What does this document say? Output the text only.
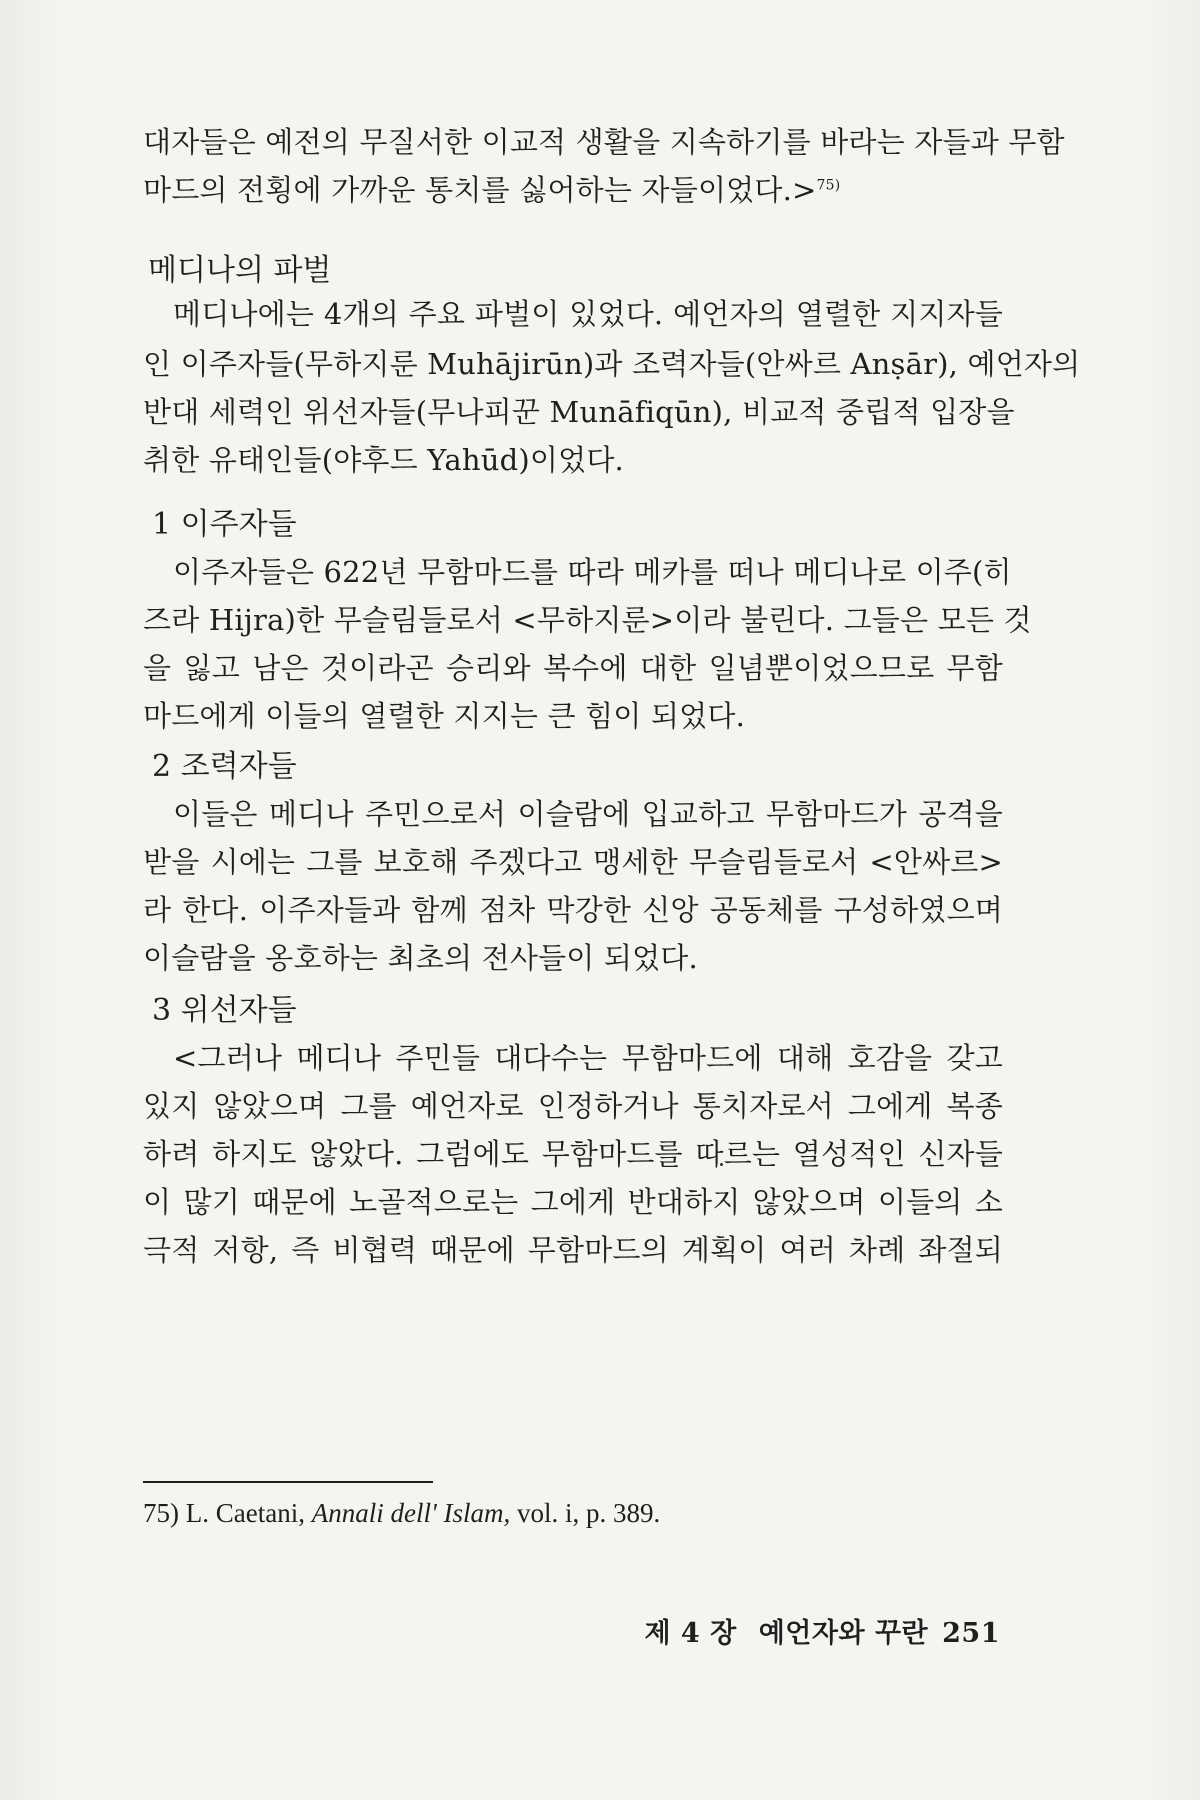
대자들은 예전의 무질서한 이교적 생활을 지속하기를 바라는 자들과 무함
마드의 전횡에 가까운 통치를 싫어하는 자들이었다.>$^{75)}$
메디나의 파벌
메디나에는 4개의 주요 파벌이 있었다. 예언자의 열렬한 지지자들
인 이주자들(무하지룬 Muhājirūn)과 조력자들(안싸르 Anṣār), 예언자의
반대 세력인 위선자들(무나피꾼 Munāfiqūn), 비교적 중립적 입장을
취한 유태인들(야후드 Yahūd)이었다.
1 이주자들
이주자들은 622년 무함마드를 따라 메카를 떠나 메디나로 이주(히
즈라 Hijra)한 무슬림들로서 <무하지룬>이라 불린다. 그들은 모든 것
을 잃고 남은 것이라곤 승리와 복수에 대한 일념뿐이었으므로 무함
마드에게 이들의 열렬한 지지는 큰 힘이 되었다.
2 조력자들
이들은 메디나 주민으로서 이슬람에 입교하고 무함마드가 공격을
받을 시에는 그를 보호해 주겠다고 맹세한 무슬림들로서 <안싸르>
라 한다. 이주자들과 함께 점차 막강한 신앙 공동체를 구성하였으며
이슬람을 옹호하는 최초의 전사들이 되었다.
3 위선자들
<그러나 메디나 주민들 대다수는 무함마드에 대해 호감을 갖고
있지 않았으며 그를 예언자로 인정하거나 통치자로서 그에게 복종
하려 하지도 않았다. 그럼에도 무함마드를 따르는 열성적인 신자들
이 많기 때문에 노골적으로는 그에게 반대하지 않았으며 이들의 소
극적 저항, 즉 비협력 때문에 무함마드의 계획이 여러 차례 좌절되
75) L. Caetani, Annali dell' Islam, vol. i, p. 389.
제 4 장 예언자와 꾸란 251
